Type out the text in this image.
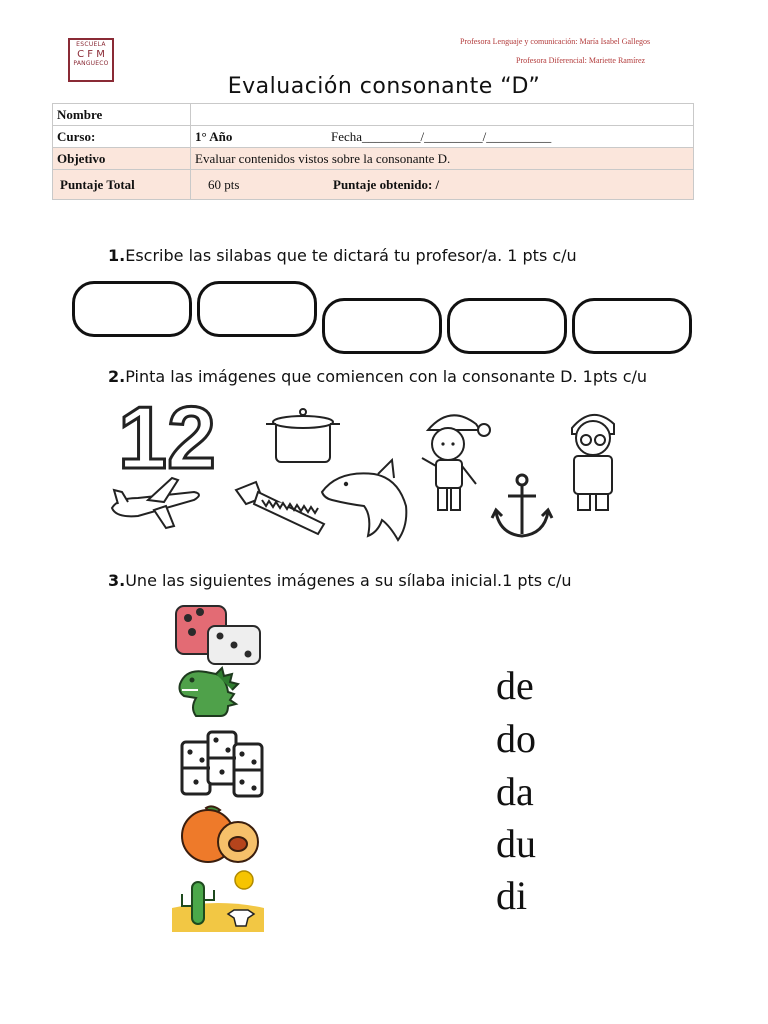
ESCUELA
C F M
PANGUECO
Profesora Lenguaje y comunicación: María Isabel Gallegos
Profesora Diferencial: Mariette Ramírez
Evaluación consonante “D”
Nombre	
Curso:	1° Año Fecha_________/_________/__________
Objetivo	Evaluar contenidos vistos sobre la consonante D.
Puntaje Total	60 pts Puntaje obtenido: /
1.Escribe las silabas que te dictará tu profesor/a. 1 pts c/u
2.Pinta las imágenes que comiencen con la consonante D. 1pts c/u
12
3.Une las siguientes imágenes a su sílaba inicial.1 pts c/u
de
do
da
du
di
